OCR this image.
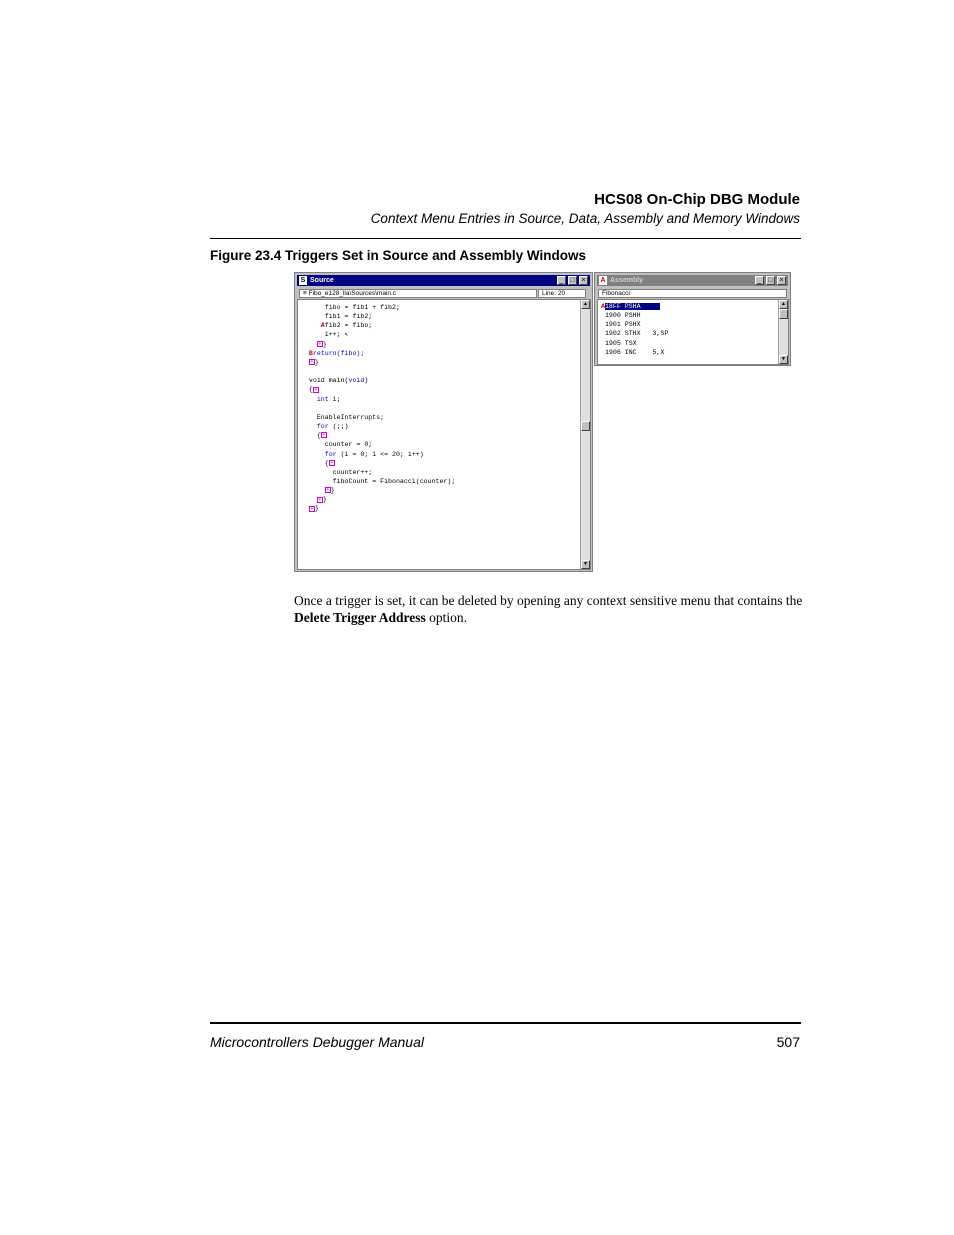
HCS08 On-Chip DBG Module
Context Menu Entries in Source, Data, Assembly and Memory Windows
Figure 23.4 Triggers Set in Source and Assembly Windows
S Source	_ □ ×
≡ Fibo_e128_lla\Sources\main.c	Line: 20
fibo = fib1 + fib2;
fib1 = fib2;
Afib2 = fibo;
i++; ↖
+ }
Breturn(fibo);
+ }

void main(void)
{+
int i;

EnableInterrupts;
for (;;)
{+
counter = 0;
for (i = 0; i <= 20; i++)
{+
counter++;
fiboCount = Fibonacci(counter);
+ }
+ }
+ }
▲
▼
A Assembly	_ □ ×
Fibonacci
A18FF PSHA
1900 PSHH
1901 PSHX
1902 STHX 3,SP
1905 TSX
1906 INC 5,X
▲
▼
Once a trigger is set, it can be deleted by opening any context sensitive menu that contains the Delete Trigger Address option.
Microcontrollers Debugger Manual	507
